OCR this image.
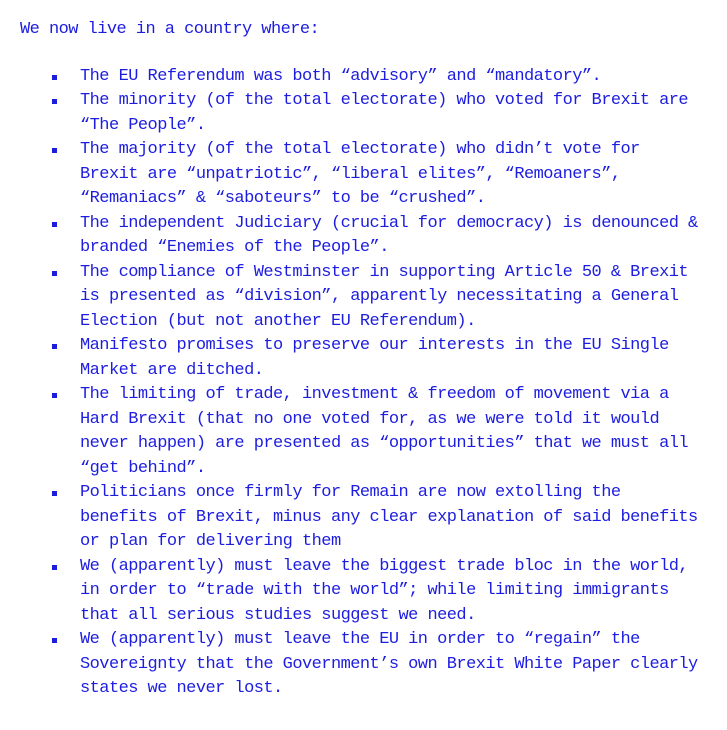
We now live in a country where:

The EU Referendum was both “advisory” and “mandatory”.
The minority (of the total electorate) who voted for Brexit are “The People”.
The majority (of the total electorate) who didn’t vote for Brexit are “unpatriotic”, “liberal elites”, “Remoaners”, “Remaniacs” & “saboteurs” to be “crushed”.
The independent Judiciary (crucial for democracy) is denounced & branded “Enemies of the People”.
The compliance of Westminster in supporting Article 50 & Brexit is presented as “division”, apparently necessitating a General Election (but not another EU Referendum).
Manifesto promises to preserve our interests in the EU Single Market are ditched.
The limiting of trade, investment & freedom of movement via a Hard Brexit (that no one voted for, as we were told it would never happen) are presented as “opportunities” that we must all “get behind”.
Politicians once firmly for Remain are now extolling the benefits of Brexit, minus any clear explanation of said benefits or plan for delivering them
We (apparently) must leave the biggest trade bloc in the world, in order to “trade with the world”; while limiting immigrants that all serious studies suggest we need.
We (apparently) must leave the EU in order to “regain” the Sovereignty that the Government’s own Brexit White Paper clearly states we never lost.
